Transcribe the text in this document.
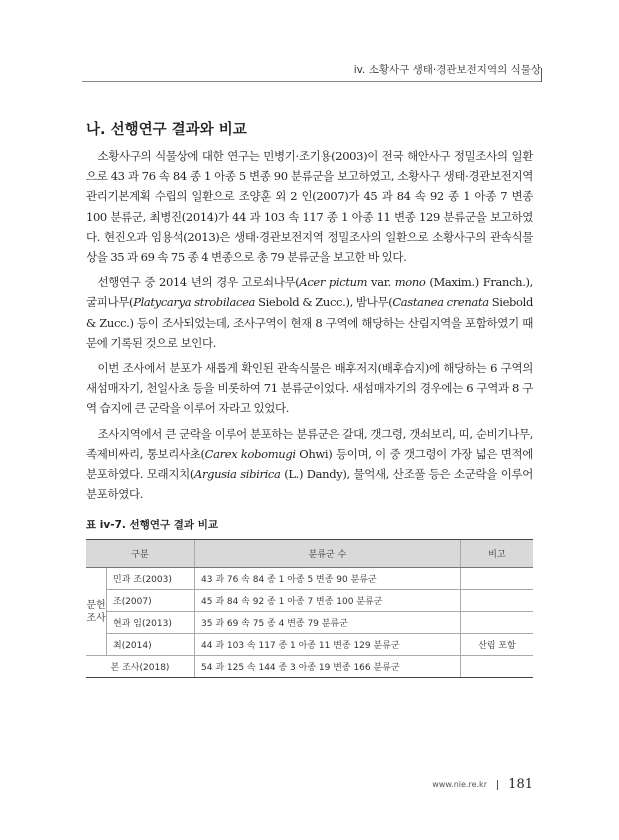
iv. 소황사구 생태·경관보전지역의 식물상
나. 선행연구 결과와 비교

소황사구의 식물상에 대한 연구는 민병기·조기용(2003)이 전국 해안사구 정밀조사의 일환으로 43 과 76 속 84 종 1 아종 5 변종 90 분류군을 보고하였고, 소황사구 생태·경관보전지역 관리기본계획 수립의 일환으로 조양훈 외 2 인(2007)가 45 과 84 속 92 종 1 아종 7 변종 100 분류군, 최병진(2014)가 44 과 103 속 117 종 1 아종 11 변종 129 분류군을 보고하였다. 현진오과 임용석(2013)은 생태·경관보전지역 정밀조사의 일환으로 소황사구의 관속식물상을 35 과 69 속 75 종 4 변종으로 총 79 분류군을 보고한 바 있다.

선행연구 중 2014 년의 경우 고로쇠나무(Acer pictum var. mono (Maxim.) Franch.), 굴피나무(Platycarya strobilacea Siebold & Zucc.), 밤나무(Castanea crenata Siebold & Zucc.) 등이 조사되었는데, 조사구역이 현재 8 구역에 해당하는 산림지역을 포함하였기 때문에 기록된 것으로 보인다.

이번 조사에서 분포가 새롭게 확인된 관속식물은 배후저지(배후습지)에 해당하는 6 구역의 새섬매자기, 천일사초 등을 비롯하여 71 분류군이었다. 새섬매자기의 경우에는 6 구역과 8 구역 습지에 큰 군락을 이루어 자라고 있었다.

조사지역에서 큰 군락을 이루어 분포하는 분류군은 갈대, 갯그령, 갯쇠보리, 띠, 순비기나무, 족제비싸리, 통보리사초(Carex kobomugi Ohwi) 등이며, 이 중 갯그령이 가장 넓은 면적에 분포하였다. 모래지치(Argusia sibirica (L.) Dandy), 물억새, 산조풀 등은 소군락을 이루어 분포하였다.

표 iv-7. 선행연구 결과 비교
구분		분류군 수	비고
문헌조사	민과 조(2003)	43 과 76 속 84 종 1 아종 5 변종 90 분류군	
	조(2007)	45 과 84 속 92 종 1 아종 7 변종 100 분류군	
	현과 임(2013)	35 과 69 속 75 종 4 변종 79 분류군	
	최(2014)	44 과 103 속 117 종 1 아종 11 변종 129 분류군	산림 포함
본 조사(2018)		54 과 125 속 144 종 3 아종 19 변종 166 분류군	
www.nie.re.kr 181
